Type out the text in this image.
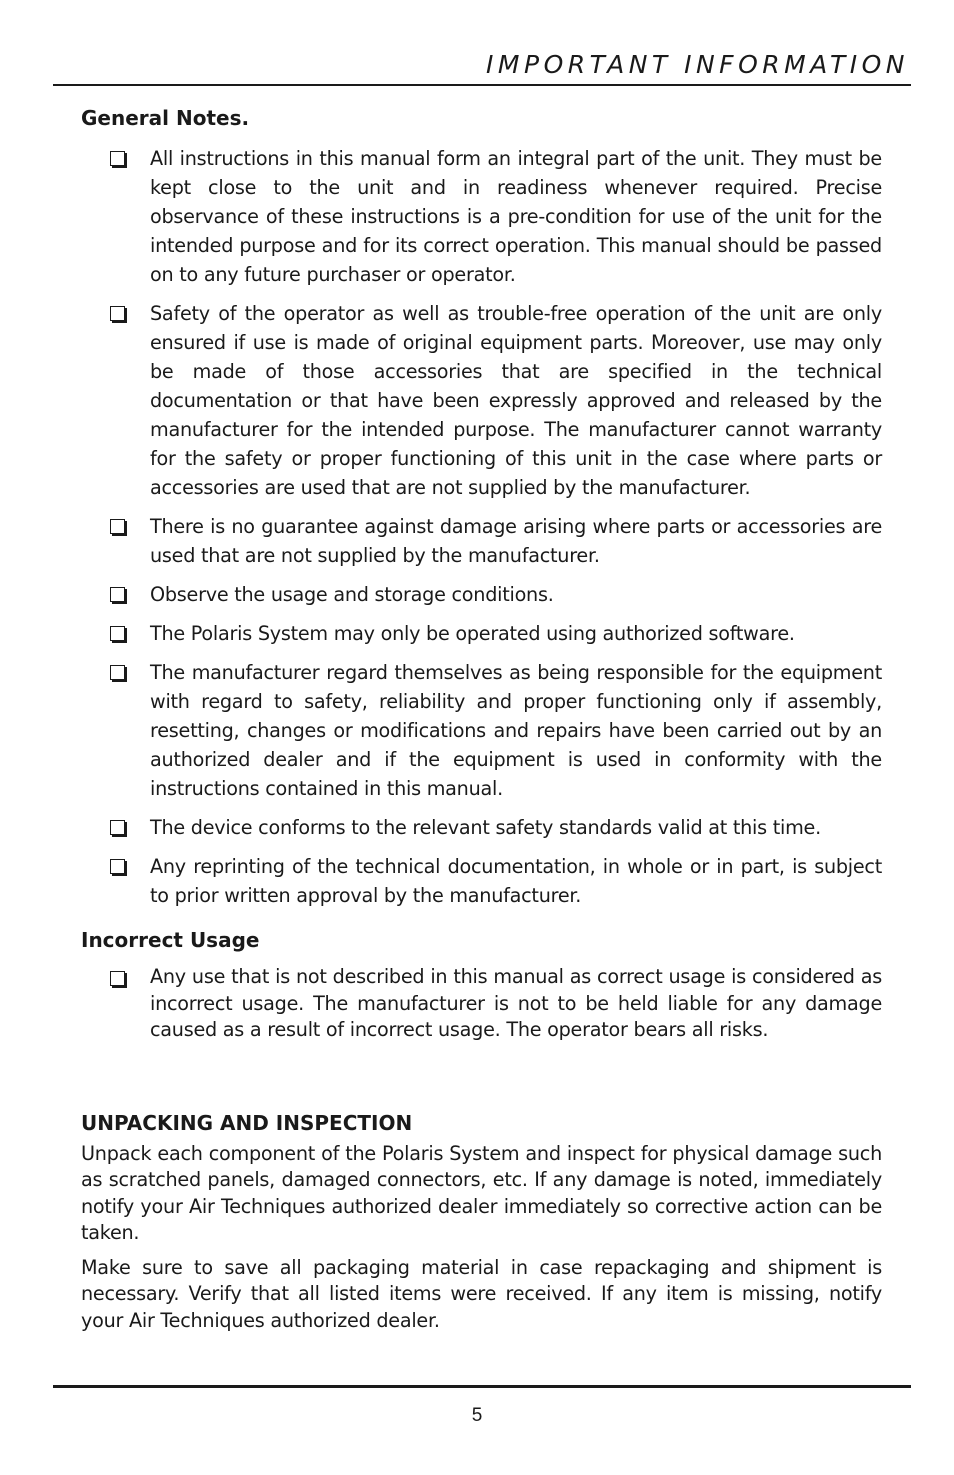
IMPORTANT INFORMATION
General Notes.
All instructions in this manual form an integral part of the unit. They must be kept close to the unit and in readiness whenever required. Precise observance of these instructions is a pre-condition for use of the unit for the intended purpose and for its correct operation. This manual should be passed on to any future purchaser or operator.
Safety of the operator as well as trouble-free operation of the unit are only ensured if use is made of original equipment parts. Moreover, use may only be made of those accessories that are specified in the technical documentation or that have been expressly approved and released by the manufacturer for the intended purpose. The manufacturer cannot warranty for the safety or proper functioning of this unit in the case where parts or accessories are used that are not supplied by the manufacturer.
There is no guarantee against damage arising where parts or accessories are used that are not supplied by the manufacturer.
Observe the usage and storage conditions.
The Polaris System may only be operated using authorized software.
The manufacturer regard themselves as being responsible for the equipment with regard to safety, reliability and proper functioning only if assembly, resetting, changes or modifications and repairs have been carried out by an authorized dealer and if the equipment is used in conformity with the instructions contained in this manual.
The device conforms to the relevant safety standards valid at this time.
Any reprinting of the technical documentation, in whole or in part, is subject to prior written approval by the manufacturer.
Incorrect Usage
Any use that is not described in this manual as correct usage is considered as incorrect usage. The manufacturer is not to be held liable for any damage caused as a result of incorrect usage. The operator bears all risks.
UNPACKING AND INSPECTION

Unpack each component of the Polaris System and inspect for physical damage such as scratched panels, damaged connectors, etc. If any damage is noted, immediately notify your Air Techniques authorized dealer immediately so corrective action can be taken.

Make sure to save all packaging material in case repackaging and shipment is necessary. Verify that all listed items were received. If any item is missing, notify your Air Techniques authorized dealer.

5
